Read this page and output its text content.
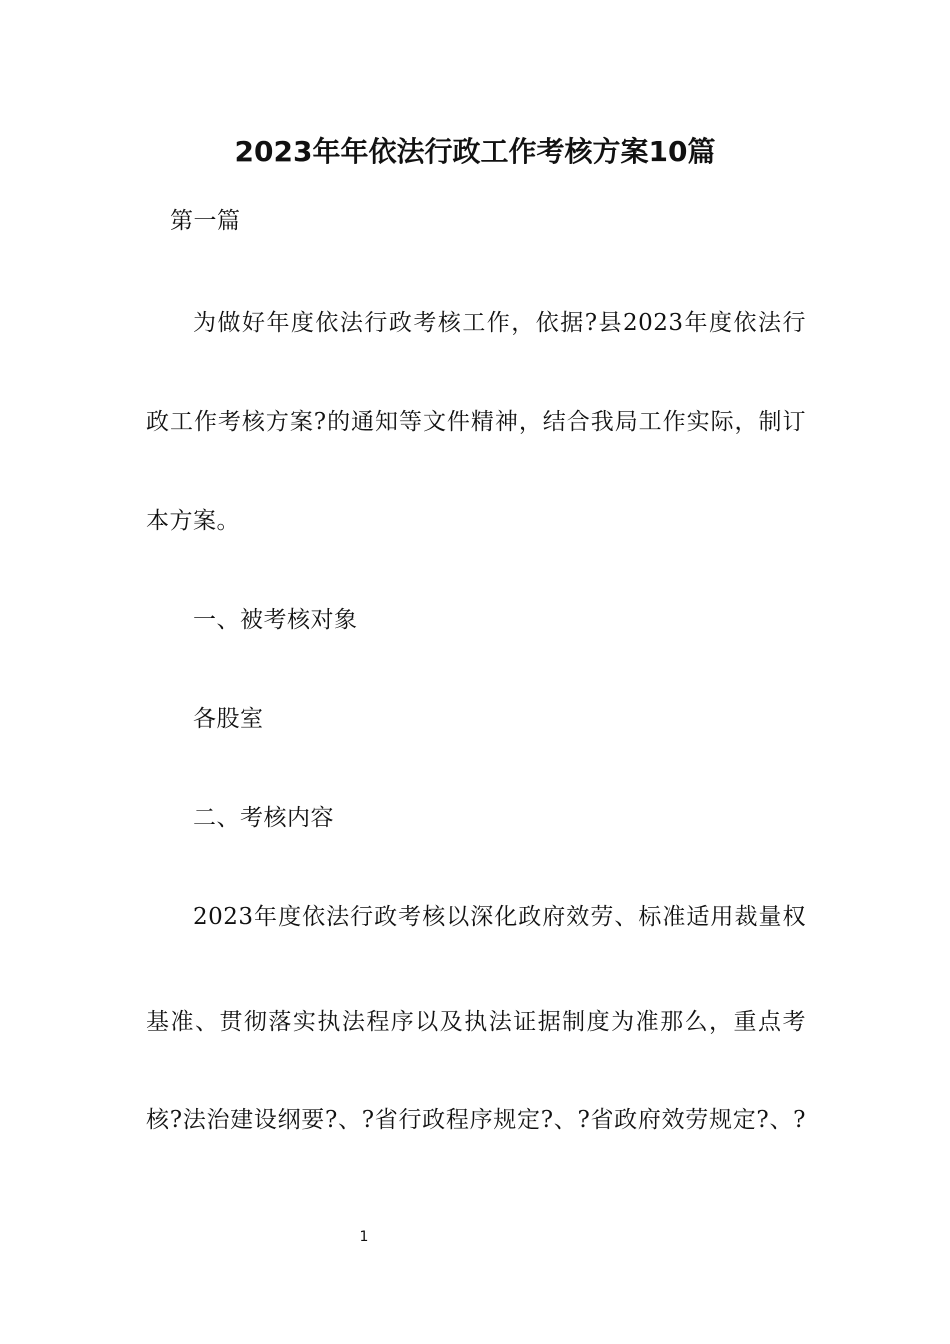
2023年年依法行政工作考核方案10篇
第一篇
为做好年度依法行政考核工作，依据?县2023年度依法行
政工作考核方案?的通知等文件精神，结合我局工作实际，制订
本方案。
一、被考核对象
各股室
二、考核内容
2023年度依法行政考核以深化政府效劳、标准适用裁量权
基准、贯彻落实执法程序以及执法证据制度为准那么，重点考
核?法治建设纲要?、?省行政程序规定?、?省政府效劳规定?、?
1
